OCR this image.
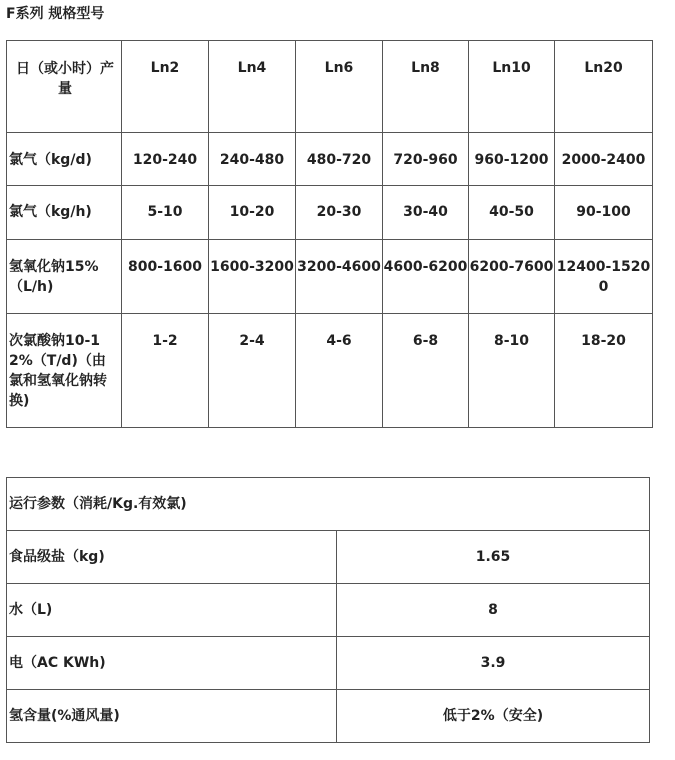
F系列 规格型号
日（或小时）产量	Ln2	Ln4	Ln6	Ln8	Ln10	Ln20
氯气（kg/d)	120-240	240-480	480-720	720-960	960-1200	2000-2400
氯气（kg/h)	5-10	10-20	20-30	30-40	40-50	90-100
氢氧化钠15%（L/h)	800-1600	1600-3200	3200-4600	4600-6200	6200-7600	12400-15200
次氯酸钠10-12%（T/d)（由氯和氢氧化钠转换)	1-2	2-4	4-6	6-8	8-10	18-20
运行参数（消耗/Kg.有效氯)	
食品级盐（kg)	1.65
水（L)	8
电（AC KWh)	3.9
氢含量(%通风量)	低于2%（安全)
